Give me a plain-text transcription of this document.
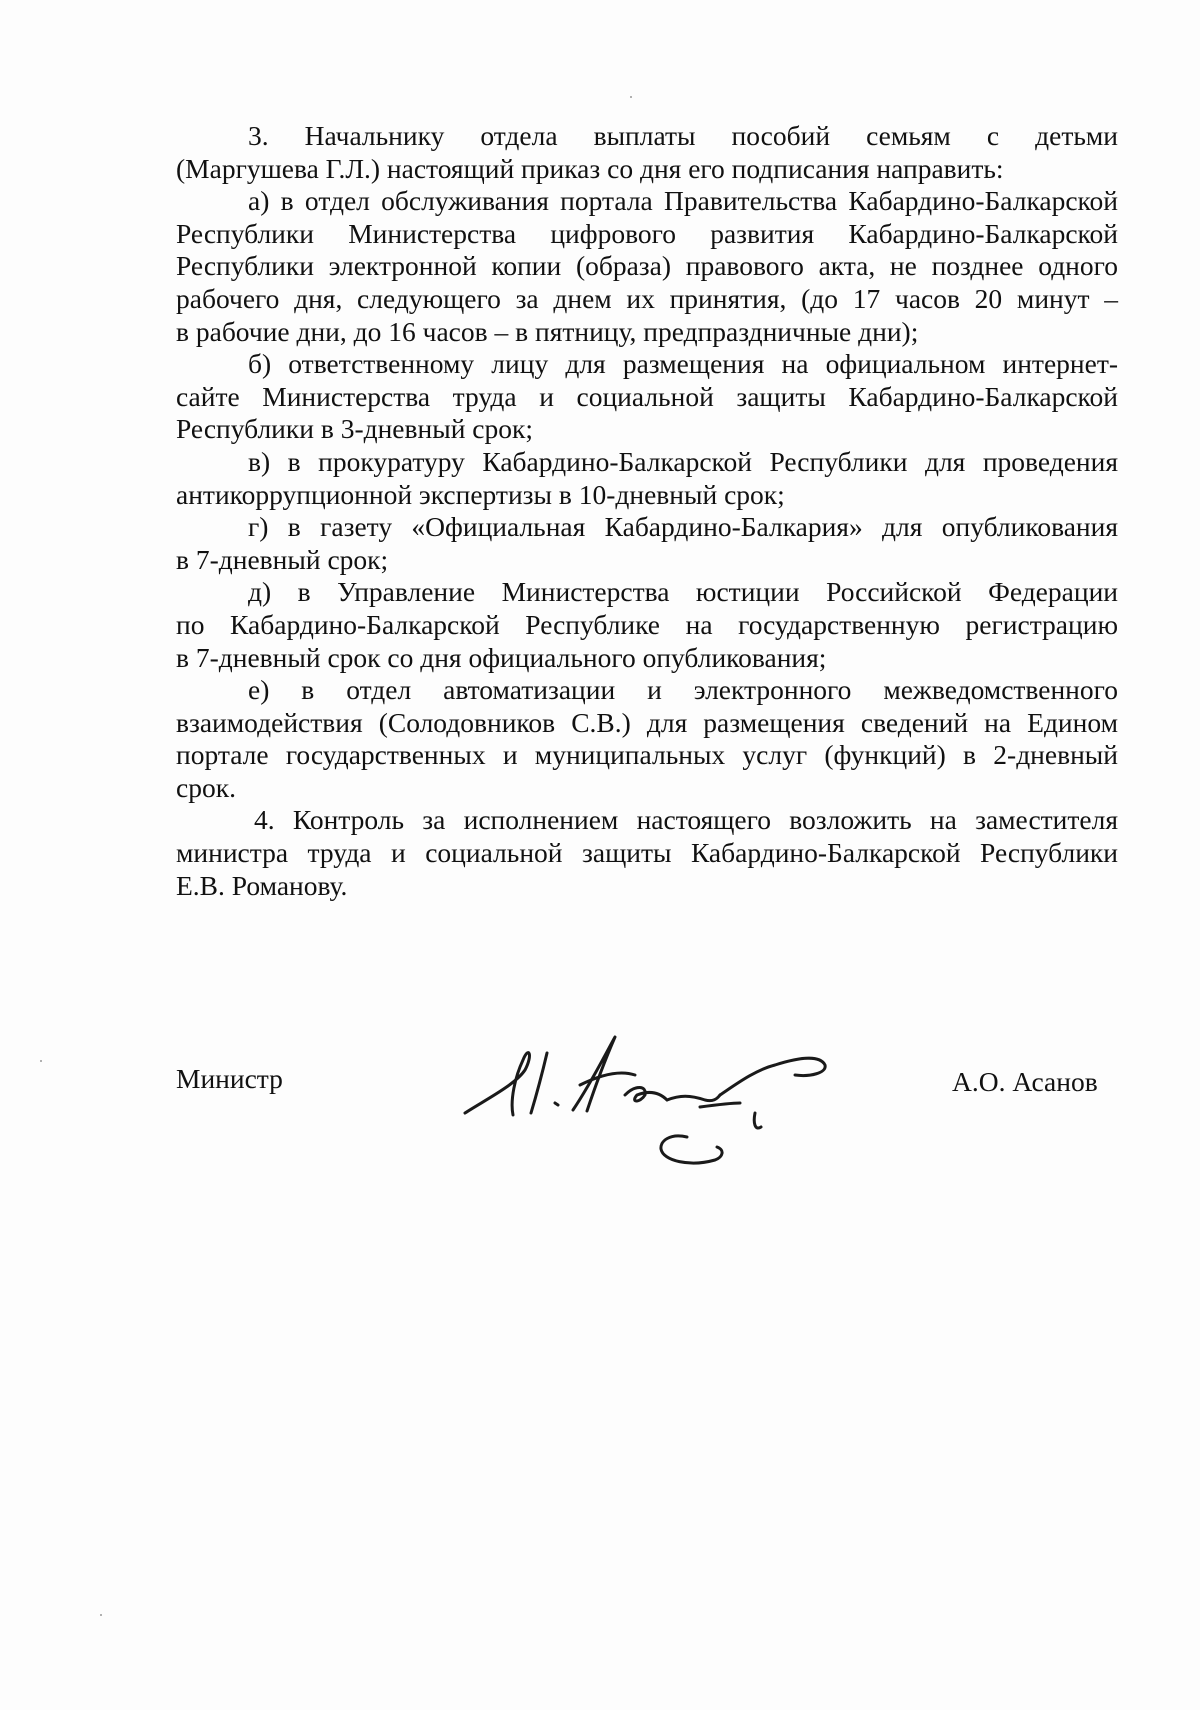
3. Начальнику отдела выплаты пособий семьям с детьми
(Маргушева Г.Л.) настоящий приказ со дня его подписания направить:
а) в отдел обслуживания портала Правительства Кабардино-Балкарской
Республики Министерства цифрового развития Кабардино-Балкарской
Республики электронной копии (образа) правового акта, не позднее одного
рабочего дня, следующего за днем их принятия, (до 17 часов 20 минут –
в рабочие дни, до 16 часов – в пятницу, предпраздничные дни);
б) ответственному лицу для размещения на официальном интернет-
сайте Министерства труда и социальной защиты Кабардино-Балкарской
Республики в 3-дневный срок;
в) в прокуратуру Кабардино-Балкарской Республики для проведения
антикоррупционной экспертизы в 10-дневный срок;
г) в газету «Официальная Кабардино-Балкария» для опубликования
в 7-дневный срок;
д) в Управление Министерства юстиции Российской Федерации
по Кабардино-Балкарской Республике на государственную регистрацию
в 7-дневный срок со дня официального опубликования;
е) в отдел автоматизации и электронного межведомственного
взаимодействия (Солодовников С.В.) для размещения сведений на Едином
портале государственных и муниципальных услуг (функций) в 2-дневный
срок.
4. Контроль за исполнением настоящего возложить на заместителя
министра труда и социальной защиты Кабардино-Балкарской Республики
Е.В. Романову.
Министр	А.О. Асанов
